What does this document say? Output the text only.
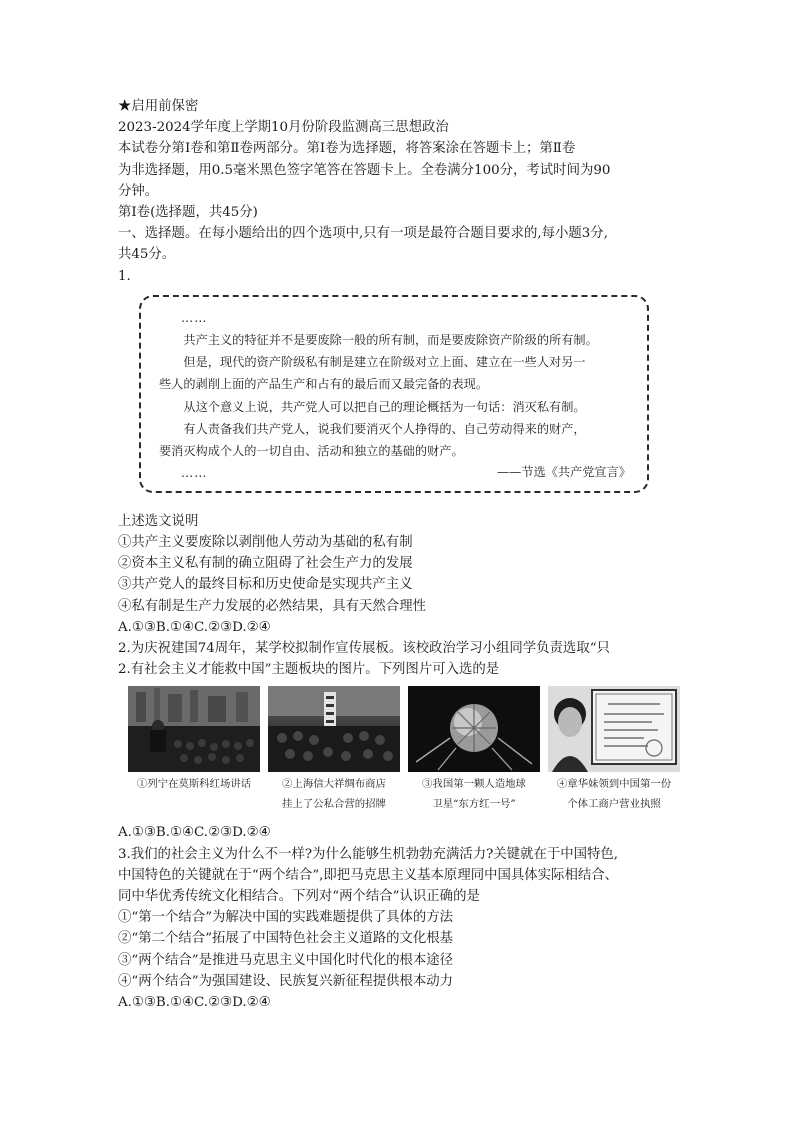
★启用前保密
2023-2024学年度上学期10月份阶段监测高三思想政治
本试卷分第Ⅰ卷和第Ⅱ卷两部分。第Ⅰ卷为选择题，将答案涂在答题卡上；第Ⅱ卷
为非选择题，用0.5毫米黑色签字笔答在答题卡上。全卷满分100分，考试时间为90
分钟。
第Ⅰ卷(选择题，共45分)
一、选择题。在每小题给出的四个选项中,只有一项是最符合题目要求的,每小题3分,
共45分。
1.
……
共产主义的特征并不是要废除一般的所有制，而是要废除资产阶级的所有制。
但是，现代的资产阶级私有制是建立在阶级对立上面、建立在一些人对另一
些人的剥削上面的产品生产和占有的最后而又最完备的表现。
从这个意义上说，共产党人可以把自己的理论概括为一句话：消灭私有制。
有人责备我们共产党人，说我们要消灭个人挣得的、自己劳动得来的财产，
要消灭构成个人的一切自由、活动和独立的基础的财产。
……	——节选《共产党宣言》
上述选文说明
①共产主义要废除以剥削他人劳动为基础的私有制
②资本主义私有制的确立阻碍了社会生产力的发展
③共产党人的最终目标和历史使命是实现共产主义
④私有制是生产力发展的必然结果，具有天然合理性
A.①③B.①④C.②③D.②④
2.为庆祝建国74周年，某学校拟制作宣传展板。该校政治学习小组同学负责选取“只
2.有社会主义才能救中国”主题板块的图片。下列图片可入选的是
①列宁在莫斯科红场讲话	②上海信大祥绸布商店
挂上了公私合营的招牌
③我国第一颗人造地球
卫星“东方红一号”
④章华妹领到中国第一份
个体工商户营业执照
A.①③B.①④C.②③D.②④
3.我们的社会主义为什么不一样?为什么能够生机勃勃充满活力?关键就在于中国特色,
中国特色的关键就在于“两个结合”,即把马克思主义基本原理同中国具体实际相结合、
同中华优秀传统文化相结合。下列对“两个结合”认识正确的是
①“第一个结合”为解决中国的实践难题提供了具体的方法
②“第二个结合”拓展了中国特色社会主义道路的文化根基
③“两个结合”是推进马克思主义中国化时代化的根本途径
④“两个结合”为强国建设、民族复兴新征程提供根本动力
A.①③B.①④C.②③D.②④
